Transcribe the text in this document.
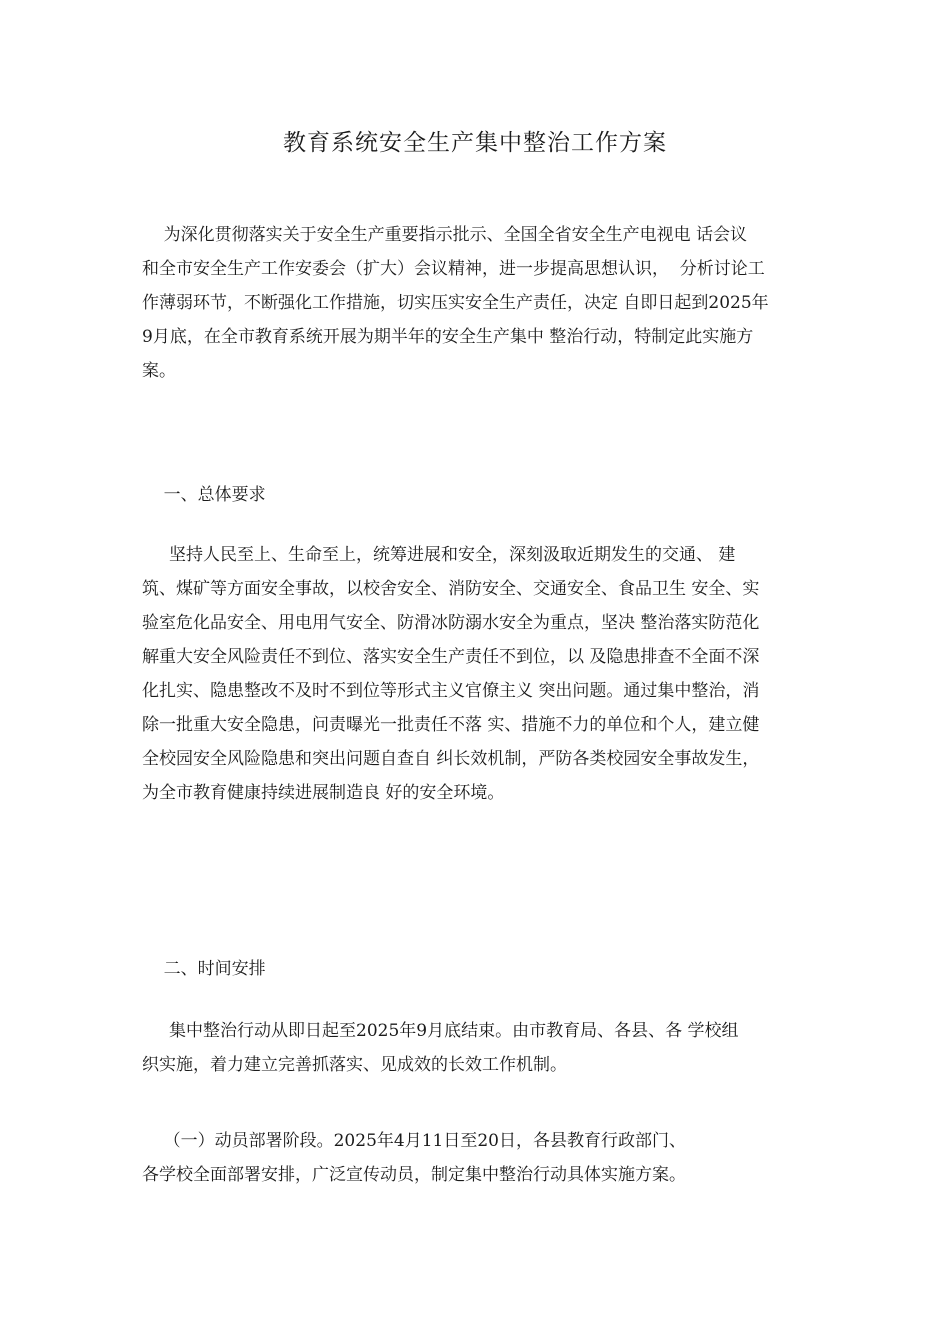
教育系统安全生产集中整治工作方案

为深化贯彻落实关于安全生产重要指示批示、全国全省安全生产电视电 话会议
和全市安全生产工作安委会（扩大）会议精神，进一步提高思想认识，  分析讨论工
作薄弱环节，不断强化工作措施，切实压实安全生产责任，决定 自即日起到2025年
9月底，在全市教育系统开展为期半年的安全生产集中 整治行动，特制定此实施方
案。

一、总体要求

坚持人民至上、生命至上，统筹进展和安全，深刻汲取近期发生的交通、 建
筑、煤矿等方面安全事故，以校舍安全、消防安全、交通安全、食品卫生 安全、实
验室危化品安全、用电用气安全、防滑冰防溺水安全为重点，坚决 整治落实防范化
解重大安全风险责任不到位、落实安全生产责任不到位，以 及隐患排查不全面不深
化扎实、隐患整改不及时不到位等形式主义官僚主义 突出问题。通过集中整治，消
除一批重大安全隐患，问责曝光一批责任不落 实、措施不力的单位和个人，建立健
全校园安全风险隐患和突出问题自查自 纠长效机制，严防各类校园安全事故发生，
为全市教育健康持续进展制造良 好的安全环境。

二、时间安排

集中整治行动从即日起至2025年9月底结束。由市教育局、各县、各 学校组
织实施，着力建立完善抓落实、见成效的长效工作机制。

（一）动员部署阶段。2025年4月11日至20日，各县教育行政部门、
各学校全面部署安排，广泛宣传动员，制定集中整治行动具体实施方案。
